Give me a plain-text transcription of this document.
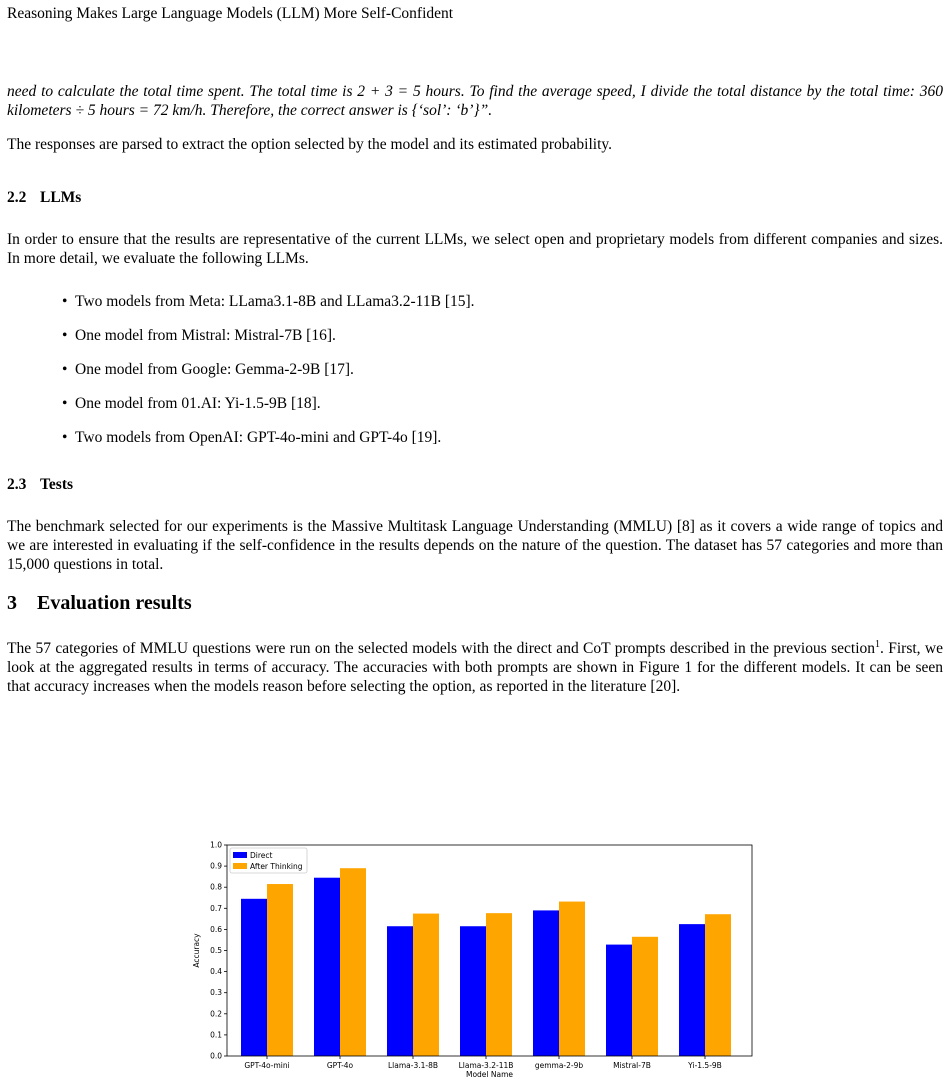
Reasoning Makes Large Language Models (LLM) More Self-Confident

need to calculate the total time spent. The total time is 2 + 3 = 5 hours. To find the average speed, I divide the total distance by the total time: 360 kilometers ÷ 5 hours = 72 km/h. Therefore, the correct answer is {‘sol’: ‘b’}”.

The responses are parsed to extract the option selected by the model and its estimated probability.

2.2 LLMs

In order to ensure that the results are representative of the current LLMs, we select open and proprietary models from different companies and sizes. In more detail, we evaluate the following LLMs.

• Two models from Meta: LLama3.1-8B and LLama3.2-11B [15].
• One model from Mistral: Mistral-7B [16].
• One model from Google: Gemma-2-9B [17].
• One model from 01.AI: Yi-1.5-9B [18].
• Two models from OpenAI: GPT-4o-mini and GPT-4o [19].
2.3 Tests

The benchmark selected for our experiments is the Massive Multitask Language Understanding (MMLU) [8] as it covers a wide range of topics and we are interested in evaluating if the self-confidence in the results depends on the nature of the question. The dataset has 57 categories and more than 15,000 questions in total.

3 Evaluation results

The 57 categories of MMLU questions were run on the selected models with the direct and CoT prompts described in the previous section$^1$. First, we look at the aggregated results in terms of accuracy. The accuracies with both prompts are shown in Figure 1 for the different models. It can be seen that accuracy increases when the models reason before selecting the option, as reported in the literature [20].

GPT-4o-mini	GPT-4o	Llama-3.1-8B	Llama-3.2-11B	gemma-2-9b	Mistral-7B	Yi-1.5-9B
0.0
0.1
0.2
0.3
0.4
0.5
0.6
0.7
0.8
0.9
1.0
Accuracy
Model Name
Direct
After Thinking
